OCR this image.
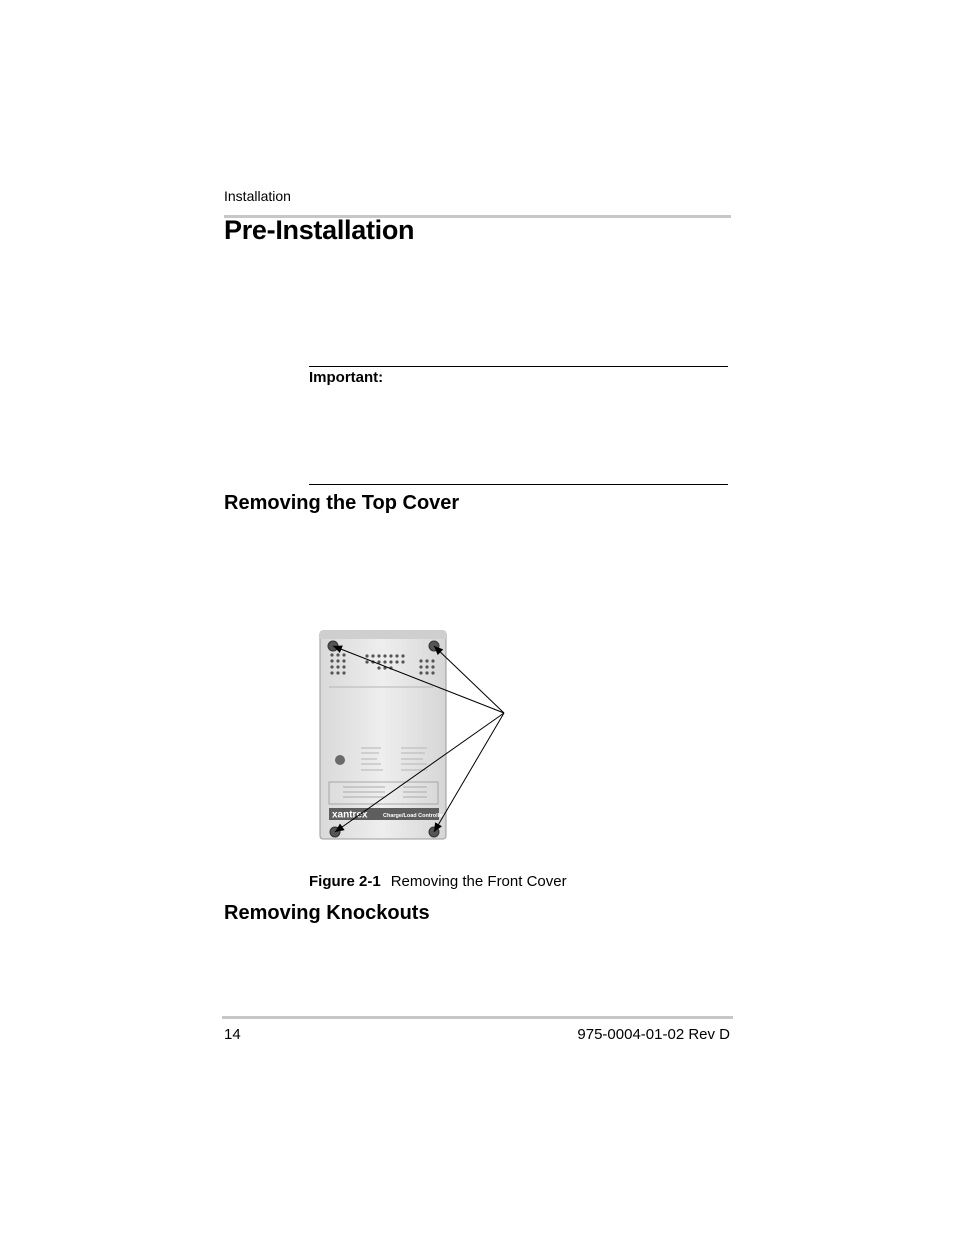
Installation
Pre-Installation
Important:
Removing the Top Cover
xantrex	Charge/Load Controller
Figure 2-1 Removing the Front Cover
Removing Knockouts
14	975-0004-01-02 Rev D
